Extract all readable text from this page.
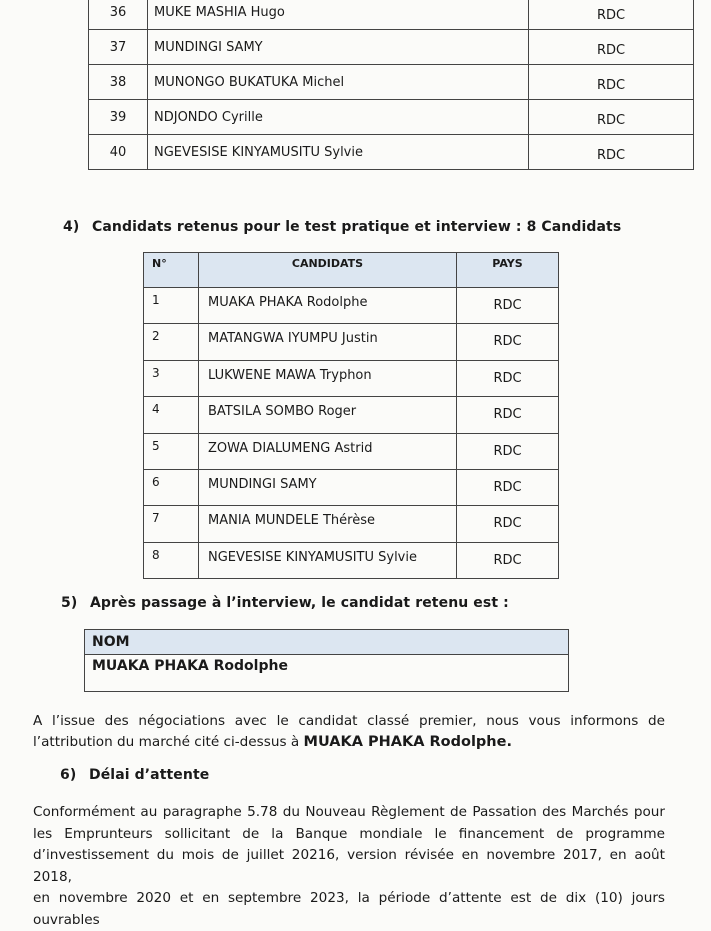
36	MUKE MASHIA Hugo	RDC
37	MUNDINGI SAMY	RDC
38	MUNONGO BUKATUKA Michel	RDC
39	NDJONDO Cyrille	RDC
40	NGEVESISE KINYAMUSITU Sylvie	RDC
4) Candidats retenus pour le test pratique et interview : 8 Candidats
N°	CANDIDATS	PAYS
1	MUAKA PHAKA Rodolphe	RDC
2	MATANGWA IYUMPU Justin	RDC
3	LUKWENE MAWA Tryphon	RDC
4	BATSILA SOMBO Roger	RDC
5	ZOWA DIALUMENG Astrid	RDC
6	MUNDINGI SAMY	RDC
7	MANIA MUNDELE Thérèse	RDC
8	NGEVESISE KINYAMUSITU Sylvie	RDC
5) Après passage à l’interview, le candidat retenu est :
NOM
MUAKA PHAKA Rodolphe
A l’issue des négociations avec le candidat classé premier, nous vous informons de
l’attribution du marché cité ci-dessus à MUAKA PHAKA Rodolphe.
6) Délai d’attente
Conformément au paragraphe 5.78 du Nouveau Règlement de Passation des Marchés pour
les Emprunteurs sollicitant de la Banque mondiale le financement de programme
d’investissement du mois de juillet 20216, version révisée en novembre 2017, en août 2018,
en novembre 2020 et en septembre 2023, la période d’attente est de dix (10) jours ouvrables
